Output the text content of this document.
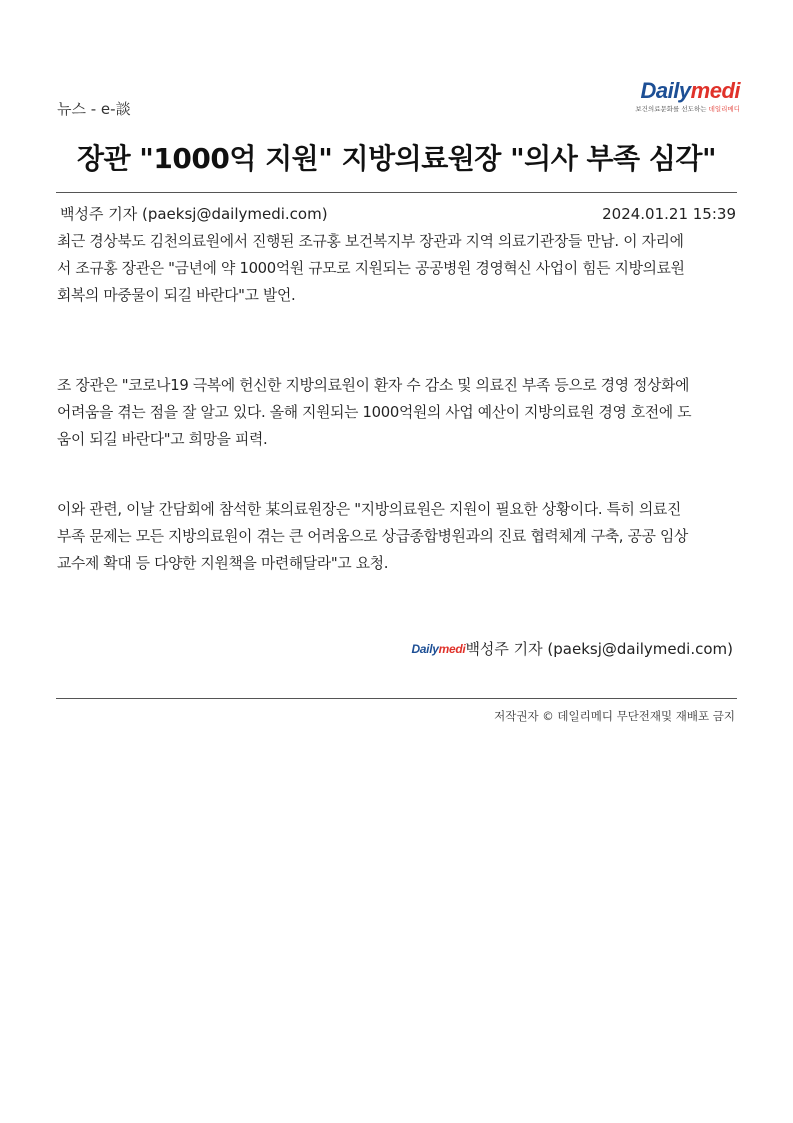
Dailymedi
보건의료문화를 선도하는 데일리메디
뉴스 - e-談
장관 "1000억 지원" 지방의료원장 "의사 부족 심각"
백성주 기자 (paeksj@dailymedi.com)	2024.01.21 15:39
최근 경상북도 김천의료원에서 진행된 조규홍 보건복지부 장관과 지역 의료기관장들 만남. 이 자리에
서 조규홍 장관은 "금년에 약 1000억원 규모로 지원되는 공공병원 경영혁신 사업이 힘든 지방의료원
회복의 마중물이 되길 바란다"고 발언.
조 장관은 "코로나19 극복에 헌신한 지방의료원이 환자 수 감소 및 의료진 부족 등으로 경영 정상화에
어려움을 겪는 점을 잘 알고 있다. 올해 지원되는 1000억원의 사업 예산이 지방의료원 경영 호전에 도
움이 되길 바란다"고 희망을 피력.
이와 관련, 이날 간담회에 참석한 某의료원장은 "지방의료원은 지원이 필요한 상황이다. 특히 의료진
부족 문제는 모든 지방의료원이 겪는 큰 어려움으로 상급종합병원과의 진료 협력체계 구축, 공공 임상
교수제 확대 등 다양한 지원책을 마련해달라"고 요청.
Dailymedi백성주 기자 (paeksj@dailymedi.com)
저작권자 © 데일리메디 무단전재및 재배포 금지
